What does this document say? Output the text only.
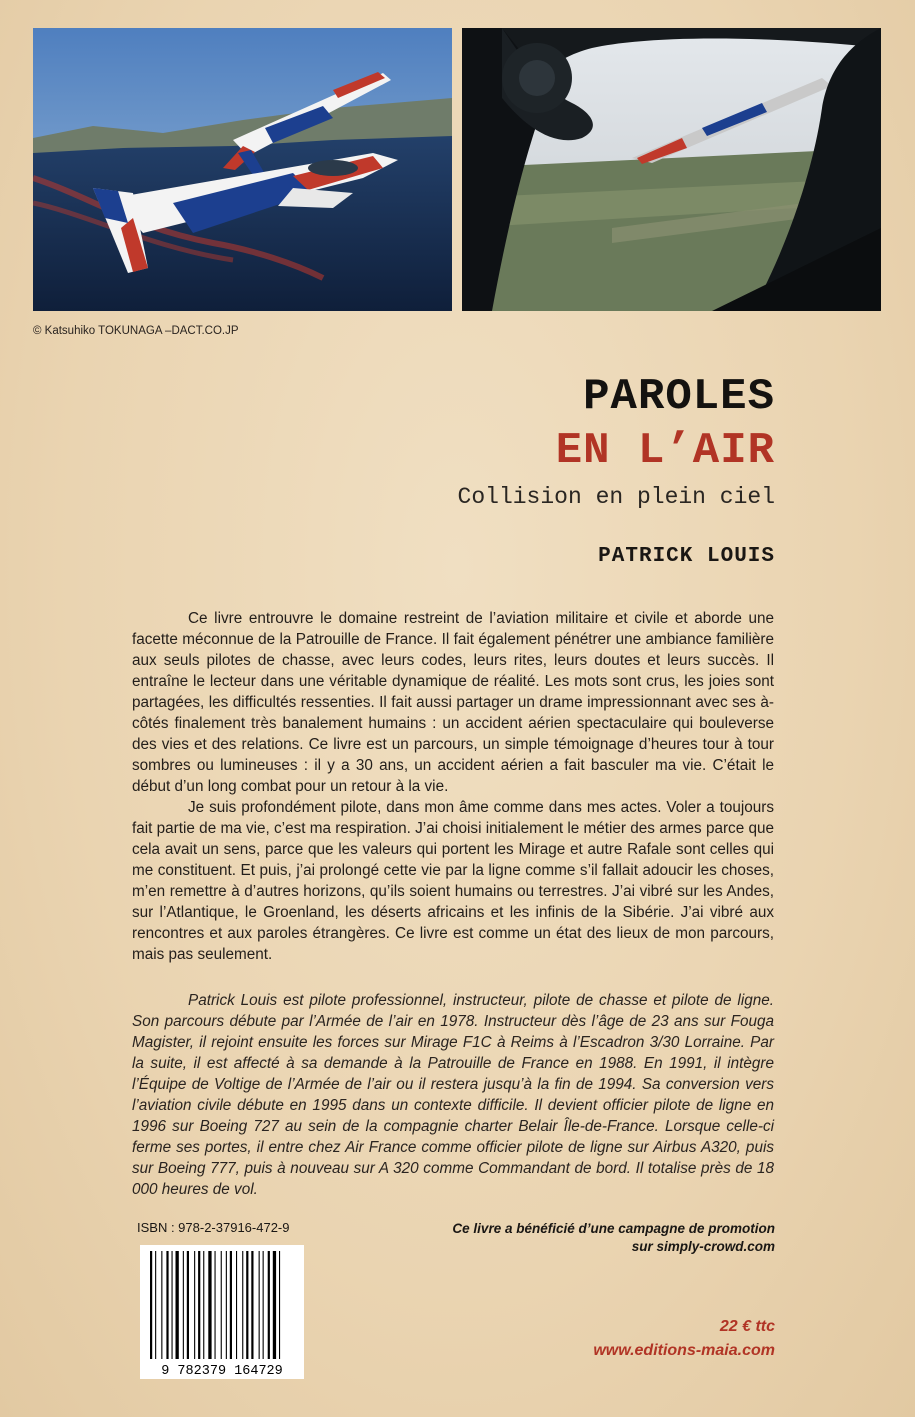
© Katsuhiko TOKUNAGA –DACT.CO.JP
PAROLES
EN L’AIR
Collision en plein ciel
PATRICK LOUIS

Ce livre entrouvre le domaine restreint de l’aviation militaire et civile et aborde une facette méconnue de la Patrouille de France. Il fait également pénétrer une ambiance familière aux seuls pilotes de chasse, avec leurs codes, leurs rites, leurs doutes et leurs succès. Il entraîne le lecteur dans une véritable dynamique de réalité. Les mots sont crus, les joies sont partagées, les difficultés ressenties. Il fait aussi partager un drame impressionnant avec ses à-côtés finalement très banalement humains : un accident aérien spectaculaire qui bouleverse des vies et des relations. Ce livre est un parcours, un simple témoignage d’heures tour à tour sombres ou lumineuses : il y a 30 ans, un accident aérien a fait basculer ma vie. C’était le début d’un long combat pour un retour à la vie.

Je suis profondément pilote, dans mon âme comme dans mes actes. Voler a toujours fait partie de ma vie, c’est ma respiration. J’ai choisi initialement le métier des armes parce que cela avait un sens, parce que les valeurs qui portent les Mirage et autre Rafale sont celles qui me constituent. Et puis, j’ai prolongé cette vie par la ligne comme s’il fallait adoucir les choses, m’en remettre à d’autres horizons, qu’ils soient humains ou terrestres. J’ai vibré sur les Andes, sur l’Atlantique, le Groenland, les déserts africains et les infinis de la Sibérie. J’ai vibré aux rencontres et aux paroles étrangères. Ce livre est comme un état des lieux de mon parcours, mais pas seulement.

Patrick Louis est pilote professionnel, instructeur, pilote de chasse et pilote de ligne. Son parcours débute par l’Armée de l’air en 1978. Instructeur dès l’âge de 23 ans sur Fouga Magister, il rejoint ensuite les forces sur Mirage F1C à Reims à l’Escadron 3/30 Lorraine. Par la suite, il est affecté à sa demande à la Patrouille de France en 1988. En 1991, il intègre l’Équipe de Voltige de l’Armée de l’air ou il restera jusqu’à la fin de 1994. Sa conversion vers l’aviation civile débute en 1995 dans un contexte difficile. Il devient officier pilote de ligne en 1996 sur Boeing 727 au sein de la compagnie charter Belair Île-de-France. Lorsque celle-ci ferme ses portes, il entre chez Air France comme officier pilote de ligne sur Airbus A320, puis sur Boeing 777, puis à nouveau sur A 320 comme Commandant de bord. Il totalise près de 18 000 heures de vol.

ISBN : 978-2-37916-472-9
9 782379 164729
Ce livre a bénéficié d’une campagne de promotion
sur simply-crowd.com
22 € ttc
www.editions-maia.com
